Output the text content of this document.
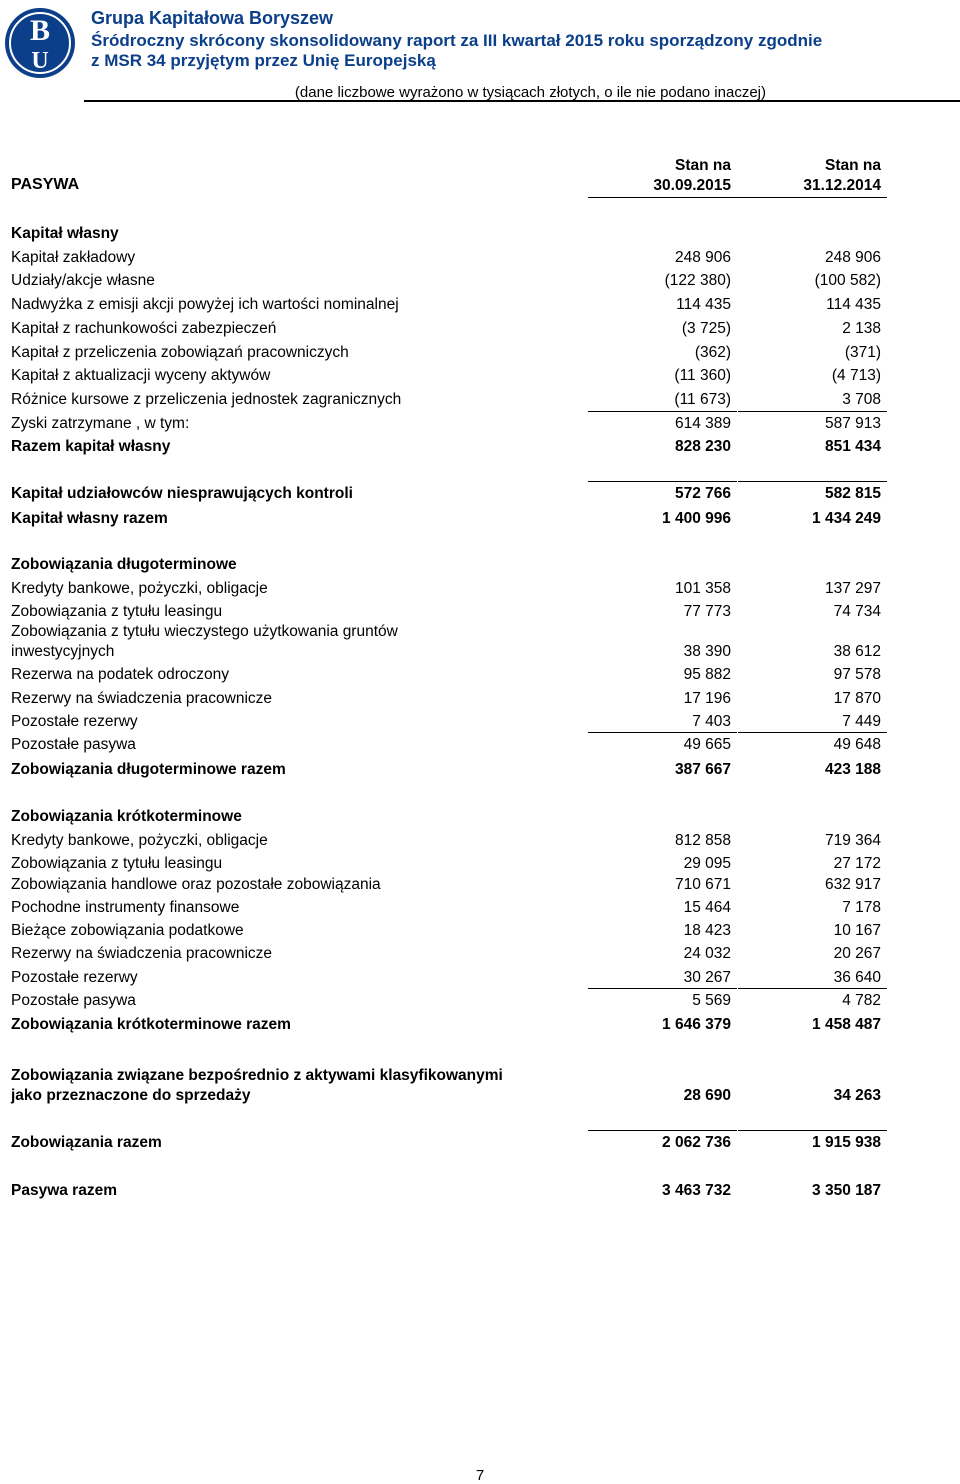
B
U
Grupa Kapitałowa Boryszew
Śródroczny skrócony skonsolidowany raport za III kwartał 2015 roku sporządzony zgodnie
z MSR 34 przyjętym przez Unię Europejską
(dane liczbowe wyrażono w tysiącach złotych, o ile nie podano inaczej)
PASYWA
Stan na
30.09.2015
Stan na
31.12.2014
Kapitał własny
Kapitał zakładowy	248 906	248 906
Udziały/akcje własne	(122 380)	(100 582)
Nadwyżka z emisji akcji powyżej ich wartości nominalnej	114 435	114 435
Kapitał z rachunkowości zabezpieczeń	(3 725)	2 138
Kapitał z przeliczenia zobowiązań pracowniczych	(362)	(371)
Kapitał z aktualizacji wyceny aktywów	(11 360)	(4 713)
Różnice kursowe z przeliczenia jednostek zagranicznych	(11 673)	3 708
Zyski zatrzymane , w tym:	614 389	587 913
Razem kapitał własny	828 230	851 434
Kapitał udziałowców niesprawujących kontroli	572 766	582 815
Kapitał własny razem	1 400 996	1 434 249
Zobowiązania długoterminowe
Kredyty bankowe, pożyczki, obligacje	101 358	137 297
Zobowiązania z tytułu leasingu	77 773	74 734
Zobowiązania z tytułu wieczystego użytkowania gruntów
inwestycyjnych	38 390	38 612
Rezerwa na podatek odroczony	95 882	97 578
Rezerwy na świadczenia pracownicze	17 196	17 870
Pozostałe rezerwy	7 403	7 449
Pozostałe pasywa	49 665	49 648
Zobowiązania długoterminowe razem	387 667	423 188
Zobowiązania krótkoterminowe
Kredyty bankowe, pożyczki, obligacje	812 858	719 364
Zobowiązania z tytułu leasingu	29 095	27 172
Zobowiązania handlowe oraz pozostałe zobowiązania	710 671	632 917
Pochodne instrumenty finansowe	15 464	7 178
Bieżące zobowiązania podatkowe	18 423	10 167
Rezerwy na świadczenia pracownicze	24 032	20 267
Pozostałe rezerwy	30 267	36 640
Pozostałe pasywa	5 569	4 782
Zobowiązania krótkoterminowe razem	1 646 379	1 458 487
Zobowiązania związane bezpośrednio z aktywami klasyfikowanymi
jako przeznaczone do sprzedaży	28 690	34 263
Zobowiązania razem	2 062 736	1 915 938
Pasywa razem	3 463 732	3 350 187
7
